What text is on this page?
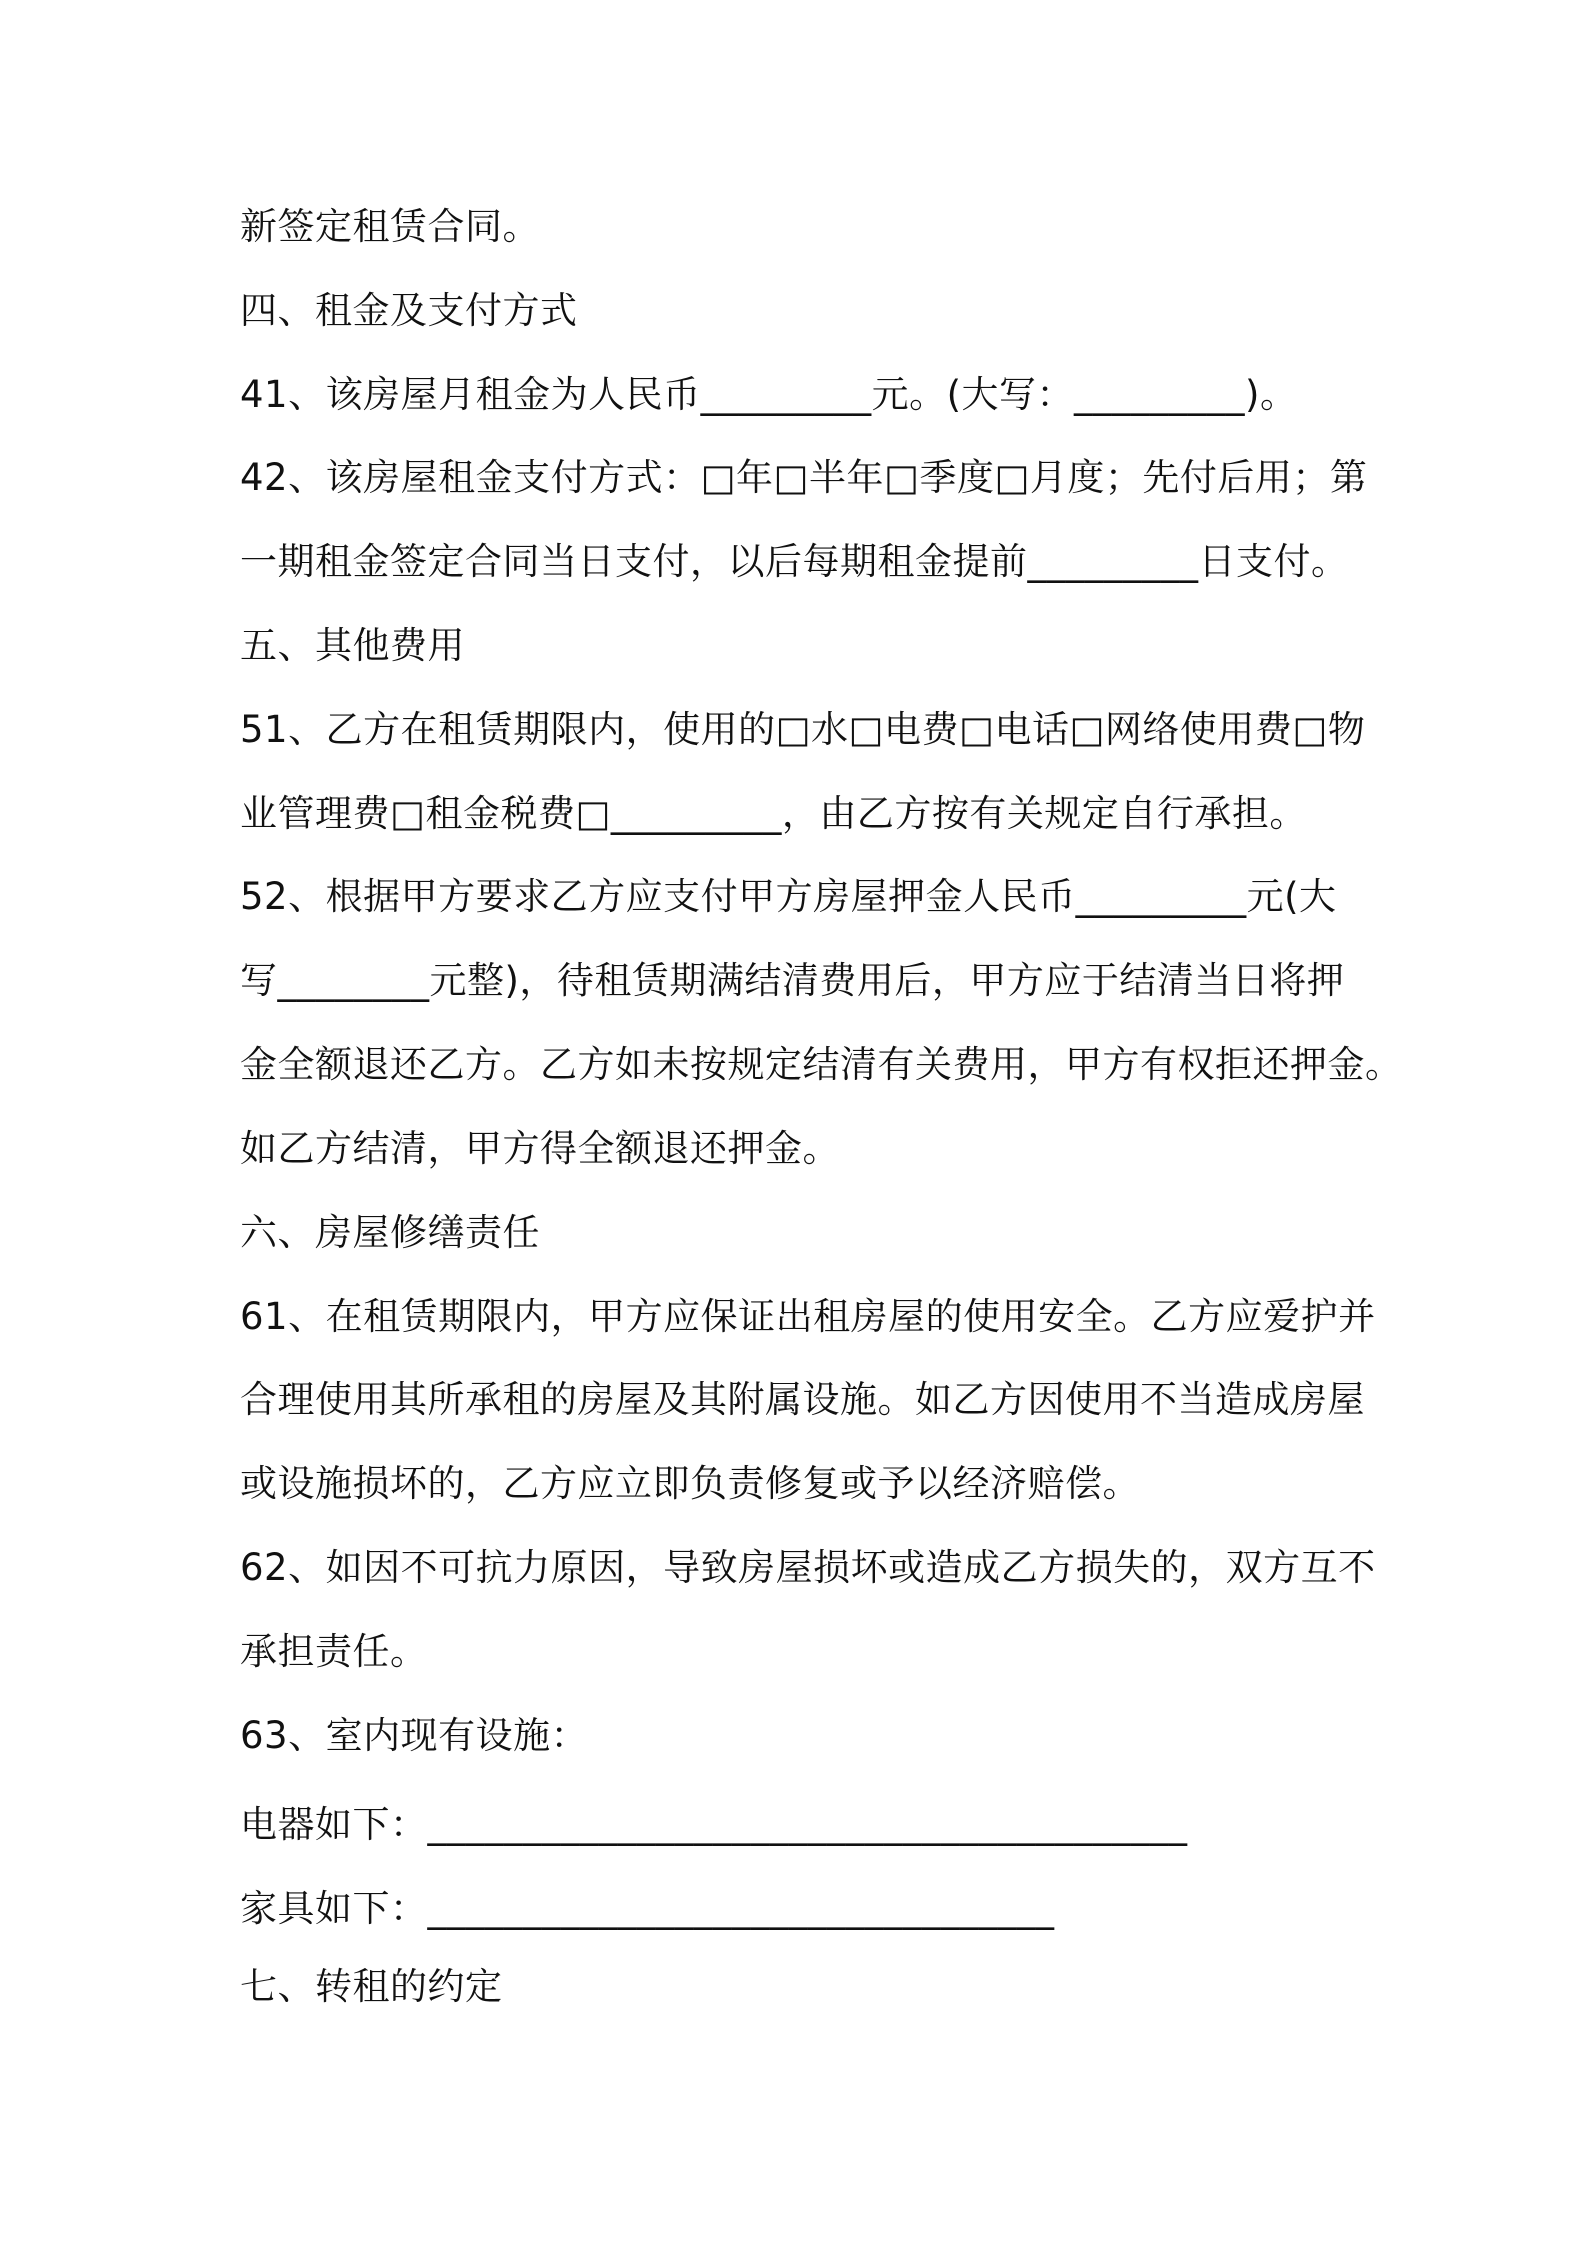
新签定租赁合同。
四、租金及支付方式
41、该房屋月租金为人民币_________元。(大写：_________)。
42、该房屋租金支付方式：□年□半年□季度□月度；先付后用；第
一期租金签定合同当日支付，以后每期租金提前_________日支付。
五、其他费用
51、乙方在租赁期限内，使用的□水□电费□电话□网络使用费□物
业管理费□租金税费□_________，由乙方按有关规定自行承担。
52、根据甲方要求乙方应支付甲方房屋押金人民币_________元(大
写________元整)，待租赁期满结清费用后，甲方应于结清当日将押
金全额退还乙方。乙方如未按规定结清有关费用，甲方有权拒还押金。
如乙方结清，甲方得全额退还押金。
六、房屋修缮责任
61、在租赁期限内，甲方应保证出租房屋的使用安全。乙方应爱护并
合理使用其所承租的房屋及其附属设施。如乙方因使用不当造成房屋
或设施损坏的，乙方应立即负责修复或予以经济赔偿。
62、如因不可抗力原因，导致房屋损坏或造成乙方损失的，双方互不
承担责任。
63、室内现有设施：
电器如下：________________________________________
家具如下：_________________________________
七、转租的约定
